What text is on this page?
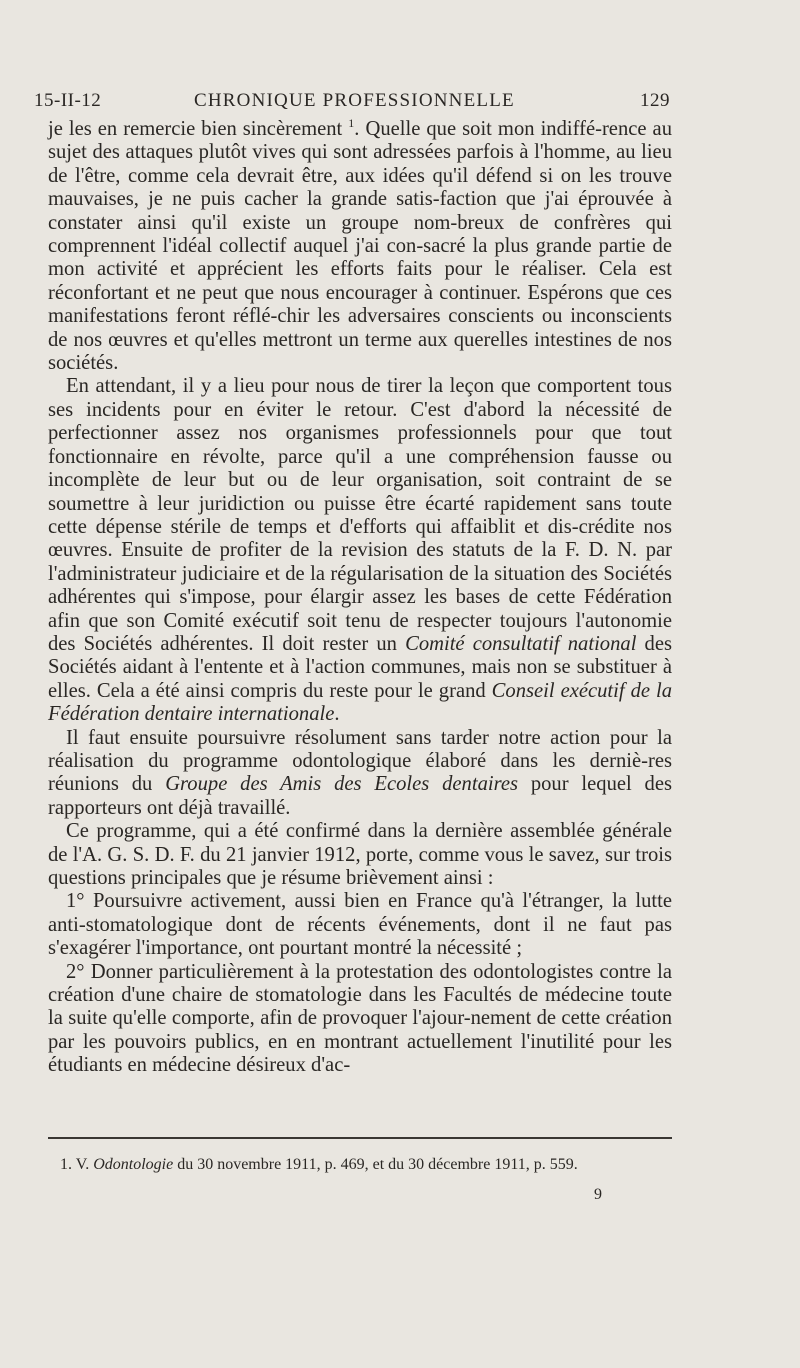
15-II-12	CHRONIQUE PROFESSIONNELLE	129

je les en remercie bien sincèrement $^1$. Quelle que soit mon indiffé-rence au sujet des attaques plutôt vives qui sont adressées parfois à l'homme, au lieu de l'être, comme cela devrait être, aux idées qu'il défend si on les trouve mauvaises, je ne puis cacher la grande satis-faction que j'ai éprouvée à constater ainsi qu'il existe un groupe nom-breux de confrères qui comprennent l'idéal collectif auquel j'ai con-sacré la plus grande partie de mon activité et apprécient les efforts faits pour le réaliser. Cela est réconfortant et ne peut que nous encourager à continuer. Espérons que ces manifestations feront réflé-chir les adversaires conscients ou inconscients de nos œuvres et qu'elles mettront un terme aux querelles intestines de nos sociétés.

En attendant, il y a lieu pour nous de tirer la leçon que comportent tous ses incidents pour en éviter le retour. C'est d'abord la nécessité de perfectionner assez nos organismes professionnels pour que tout fonctionnaire en révolte, parce qu'il a une compréhension fausse ou incomplète de leur but ou de leur organisation, soit contraint de se soumettre à leur juridiction ou puisse être écarté rapidement sans toute cette dépense stérile de temps et d'efforts qui affaiblit et dis-crédite nos œuvres. Ensuite de profiter de la revision des statuts de la F. D. N. par l'administrateur judiciaire et de la régularisation de la situation des Sociétés adhérentes qui s'impose, pour élargir assez les bases de cette Fédération afin que son Comité exécutif soit tenu de respecter toujours l'autonomie des Sociétés adhérentes. Il doit rester un Comité consultatif national des Sociétés aidant à l'entente et à l'action communes, mais non se substituer à elles. Cela a été ainsi compris du reste pour le grand Conseil exécutif de la Fédération dentaire internationale.

Il faut ensuite poursuivre résolument sans tarder notre action pour la réalisation du programme odontologique élaboré dans les derniè-res réunions du Groupe des Amis des Ecoles dentaires pour lequel des rapporteurs ont déjà travaillé.

Ce programme, qui a été confirmé dans la dernière assemblée générale de l'A. G. S. D. F. du 21 janvier 1912, porte, comme vous le savez, sur trois questions principales que je résume brièvement ainsi :

1° Poursuivre activement, aussi bien en France qu'à l'étranger, la lutte anti-stomatologique dont de récents événements, dont il ne faut pas s'exagérer l'importance, ont pourtant montré la nécessité ;

2° Donner particulièrement à la protestation des odontologistes contre la création d'une chaire de stomatologie dans les Facultés de médecine toute la suite qu'elle comporte, afin de provoquer l'ajour-nement de cette création par les pouvoirs publics, en en montrant actuellement l'inutilité pour les étudiants en médecine désireux d'ac-

1. V. Odontologie du 30 novembre 1911, p. 469, et du 30 décembre 1911, p. 559.
9
